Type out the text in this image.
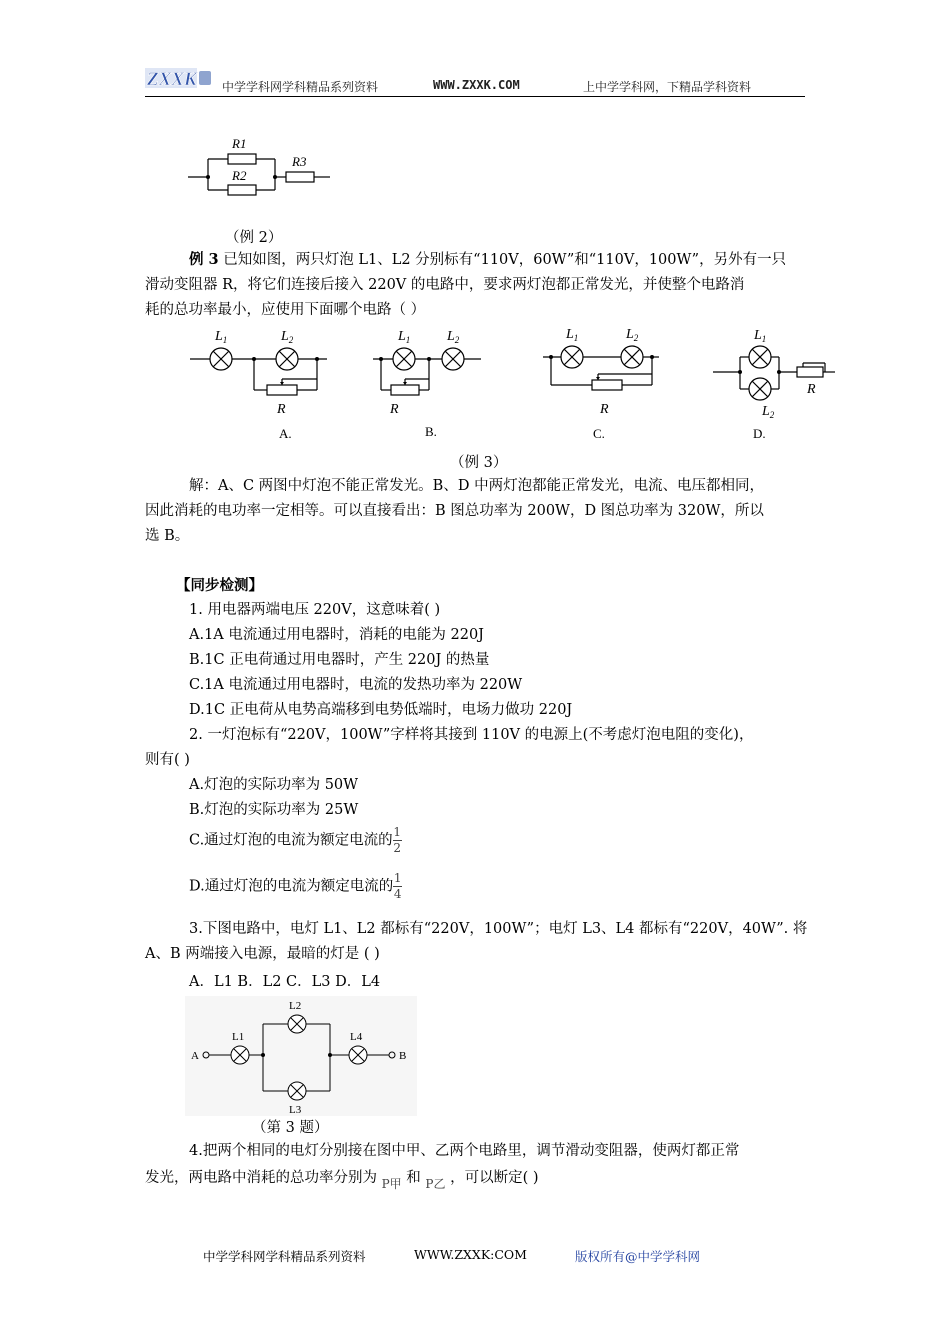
ZXXK 中学学科网学科精品系列资料	WWW.ZXXK.COM	上中学学科网，下精品学科资料
R1
R2
R3
（例 2）
例 3 已知如图，两只灯泡 L1、L2 分别标有“110V，60W”和“110V，100W”，另外有一只
滑动变阻器 R，将它们连接后接入 220V 的电路中，要求两灯泡都正常发光，并使整个电路消
耗的总功率最小，应使用下面哪个电路（ ）
$L_1$	$L_2$
R
$L_1$	$L_2$
R
$L_1$	$L_2$
R
$L_1$
$L_2$
R
A.	B.	C.	D.
（例 3）
解：A、C 两图中灯泡不能正常发光。B、D 中两灯泡都能正常发光，电流、电压都相同，
因此消耗的电功率一定相等。可以直接看出：B 图总功率为 200W，D 图总功率为 320W，所以
选 B。
【同步检测】
1. 用电器两端电压 220V，这意味着( )
A.1A 电流通过用电器时，消耗的电能为 220J
B.1C 正电荷通过用电器时，产生 220J 的热量
C.1A 电流通过用电器时，电流的发热功率为 220W
D.1C 正电荷从电势高端移到电势低端时，电场力做功 220J
2. 一灯泡标有“220V，100W”字样将其接到 110V 的电源上(不考虑灯泡电阻的变化)，
则有( )
A.灯泡的实际功率为 50W
B.灯泡的实际功率为 25W
C.通过灯泡的电流为额定电流的 $\frac{1}{2}$
D.通过灯泡的电流为额定电流的 $\frac{1}{4}$
3.下图电路中，电灯 L1、L2 都标有“220V，100W”；电灯 L3、L4 都标有“220V，40W”. 将
A、B 两端接入电源，最暗的灯是 ( )
A．L1 B．L2 C．L3 D．L4
L1
L2
L3
L4
A	B
（第 3 题）
4.把两个相同的电灯分别接在图中甲、乙两个电路里，调节滑动变阻器，使两灯都正常
发光，两电路中消耗的总功率分别为 $_{P甲}$ 和 $_{P乙}$ ，可以断定( )
中学学科网学科精品系列资料	WWW.ZXXK:COM	版权所有@中学学科网
